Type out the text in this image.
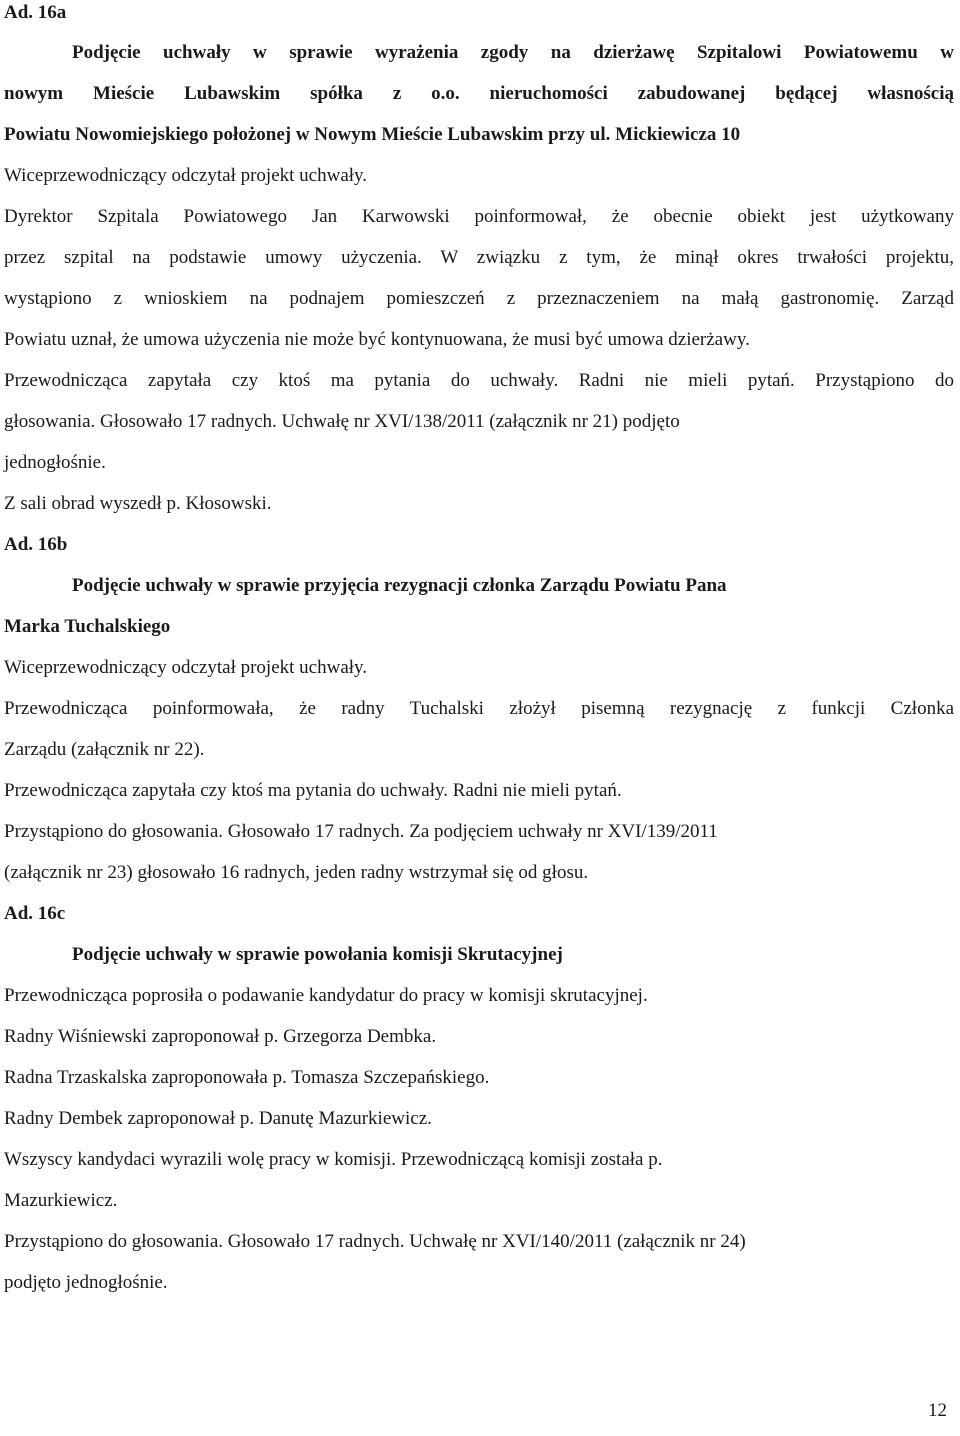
Ad. 16a
Podjęcie uchwały w sprawie wyrażenia zgody na dzierżawę Szpitalowi Powiatowemu w
nowym Mieście Lubawskim spółka z o.o. nieruchomości zabudowanej będącej własnością
Powiatu Nowomiejskiego położonej w Nowym Mieście Lubawskim przy ul. Mickiewicza 10
Wiceprzewodniczący odczytał projekt uchwały.
Dyrektor Szpitala Powiatowego Jan Karwowski poinformował, że obecnie obiekt jest użytkowany
przez szpital na podstawie umowy użyczenia. W związku z tym, że minął okres trwałości projektu,
wystąpiono z wnioskiem na podnajem pomieszczeń z przeznaczeniem na małą gastronomię. Zarząd
Powiatu uznał, że umowa użyczenia nie może być kontynuowana, że musi być umowa dzierżawy.
Przewodnicząca zapytała czy ktoś ma pytania do uchwały. Radni nie mieli pytań. Przystąpiono do
głosowania. Głosowało 17 radnych. Uchwałę nr XVI/138/2011 (załącznik nr 21) podjęto
jednogłośnie.
Z sali obrad wyszedł p. Kłosowski.
Ad. 16b
Podjęcie uchwały w sprawie przyjęcia rezygnacji członka Zarządu Powiatu Pana
Marka Tuchalskiego
Wiceprzewodniczący odczytał projekt uchwały.
Przewodnicząca poinformowała, że radny Tuchalski złożył pisemną rezygnację z funkcji Członka
Zarządu (załącznik nr 22).
Przewodnicząca zapytała czy ktoś ma pytania do uchwały. Radni nie mieli pytań.
Przystąpiono do głosowania. Głosowało 17 radnych. Za podjęciem uchwały nr XVI/139/2011
(załącznik nr 23) głosowało 16 radnych, jeden radny wstrzymał się od głosu.
Ad. 16c
Podjęcie uchwały w sprawie powołania komisji Skrutacyjnej
Przewodnicząca poprosiła o podawanie kandydatur do pracy w komisji skrutacyjnej.
Radny Wiśniewski zaproponował p. Grzegorza Dembka.
Radna Trzaskalska zaproponowała p. Tomasza Szczepańskiego.
Radny Dembek zaproponował p. Danutę Mazurkiewicz.
Wszyscy kandydaci wyrazili wolę pracy w komisji. Przewodniczącą komisji została p.
Mazurkiewicz.
Przystąpiono do głosowania. Głosowało 17 radnych. Uchwałę nr XVI/140/2011 (załącznik nr 24)
podjęto jednogłośnie.
12
